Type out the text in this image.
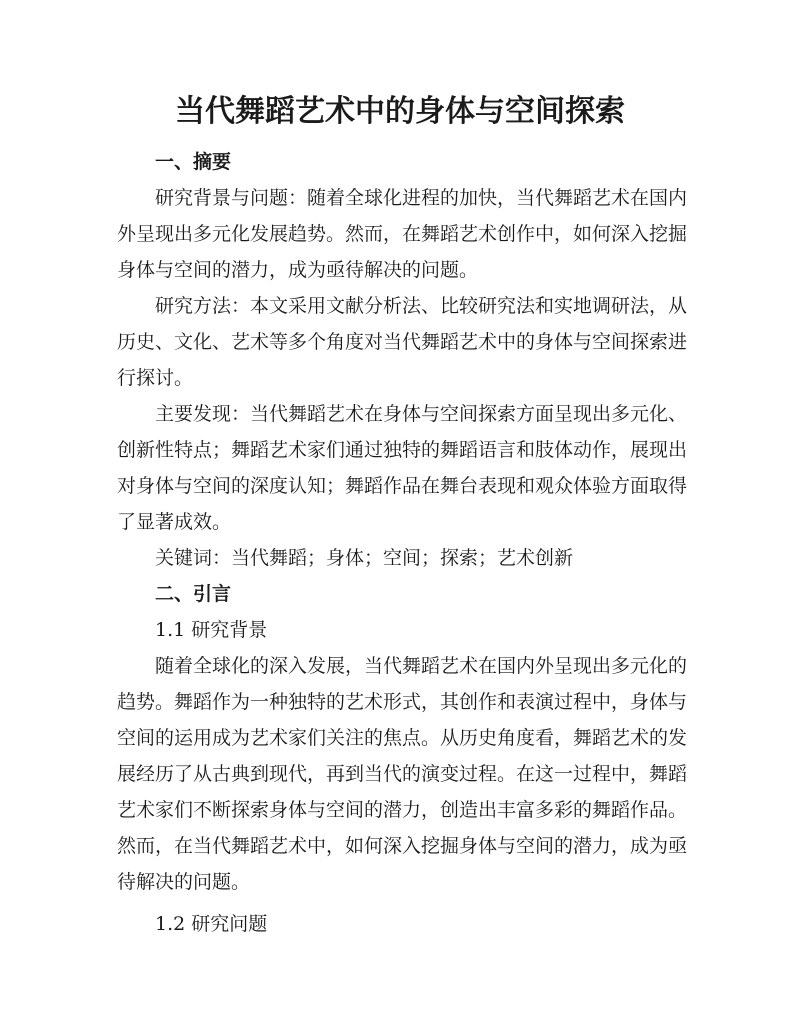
当代舞蹈艺术中的身体与空间探索
一、摘要
研究背景与问题：随着全球化进程的加快，当代舞蹈艺术在国内
外呈现出多元化发展趋势。然而，在舞蹈艺术创作中，如何深入挖掘
身体与空间的潜力，成为亟待解决的问题。
研究方法：本文采用文献分析法、比较研究法和实地调研法，从
历史、文化、艺术等多个角度对当代舞蹈艺术中的身体与空间探索进
行探讨。
主要发现：当代舞蹈艺术在身体与空间探索方面呈现出多元化、
创新性特点；舞蹈艺术家们通过独特的舞蹈语言和肢体动作，展现出
对身体与空间的深度认知；舞蹈作品在舞台表现和观众体验方面取得
了显著成效。
关键词：当代舞蹈；身体；空间；探索；艺术创新
二、引言
1.1 研究背景
随着全球化的深入发展，当代舞蹈艺术在国内外呈现出多元化的
趋势。舞蹈作为一种独特的艺术形式，其创作和表演过程中，身体与
空间的运用成为艺术家们关注的焦点。从历史角度看，舞蹈艺术的发
展经历了从古典到现代，再到当代的演变过程。在这一过程中，舞蹈
艺术家们不断探索身体与空间的潜力，创造出丰富多彩的舞蹈作品。
然而，在当代舞蹈艺术中，如何深入挖掘身体与空间的潜力，成为亟
待解决的问题。
1.2 研究问题
